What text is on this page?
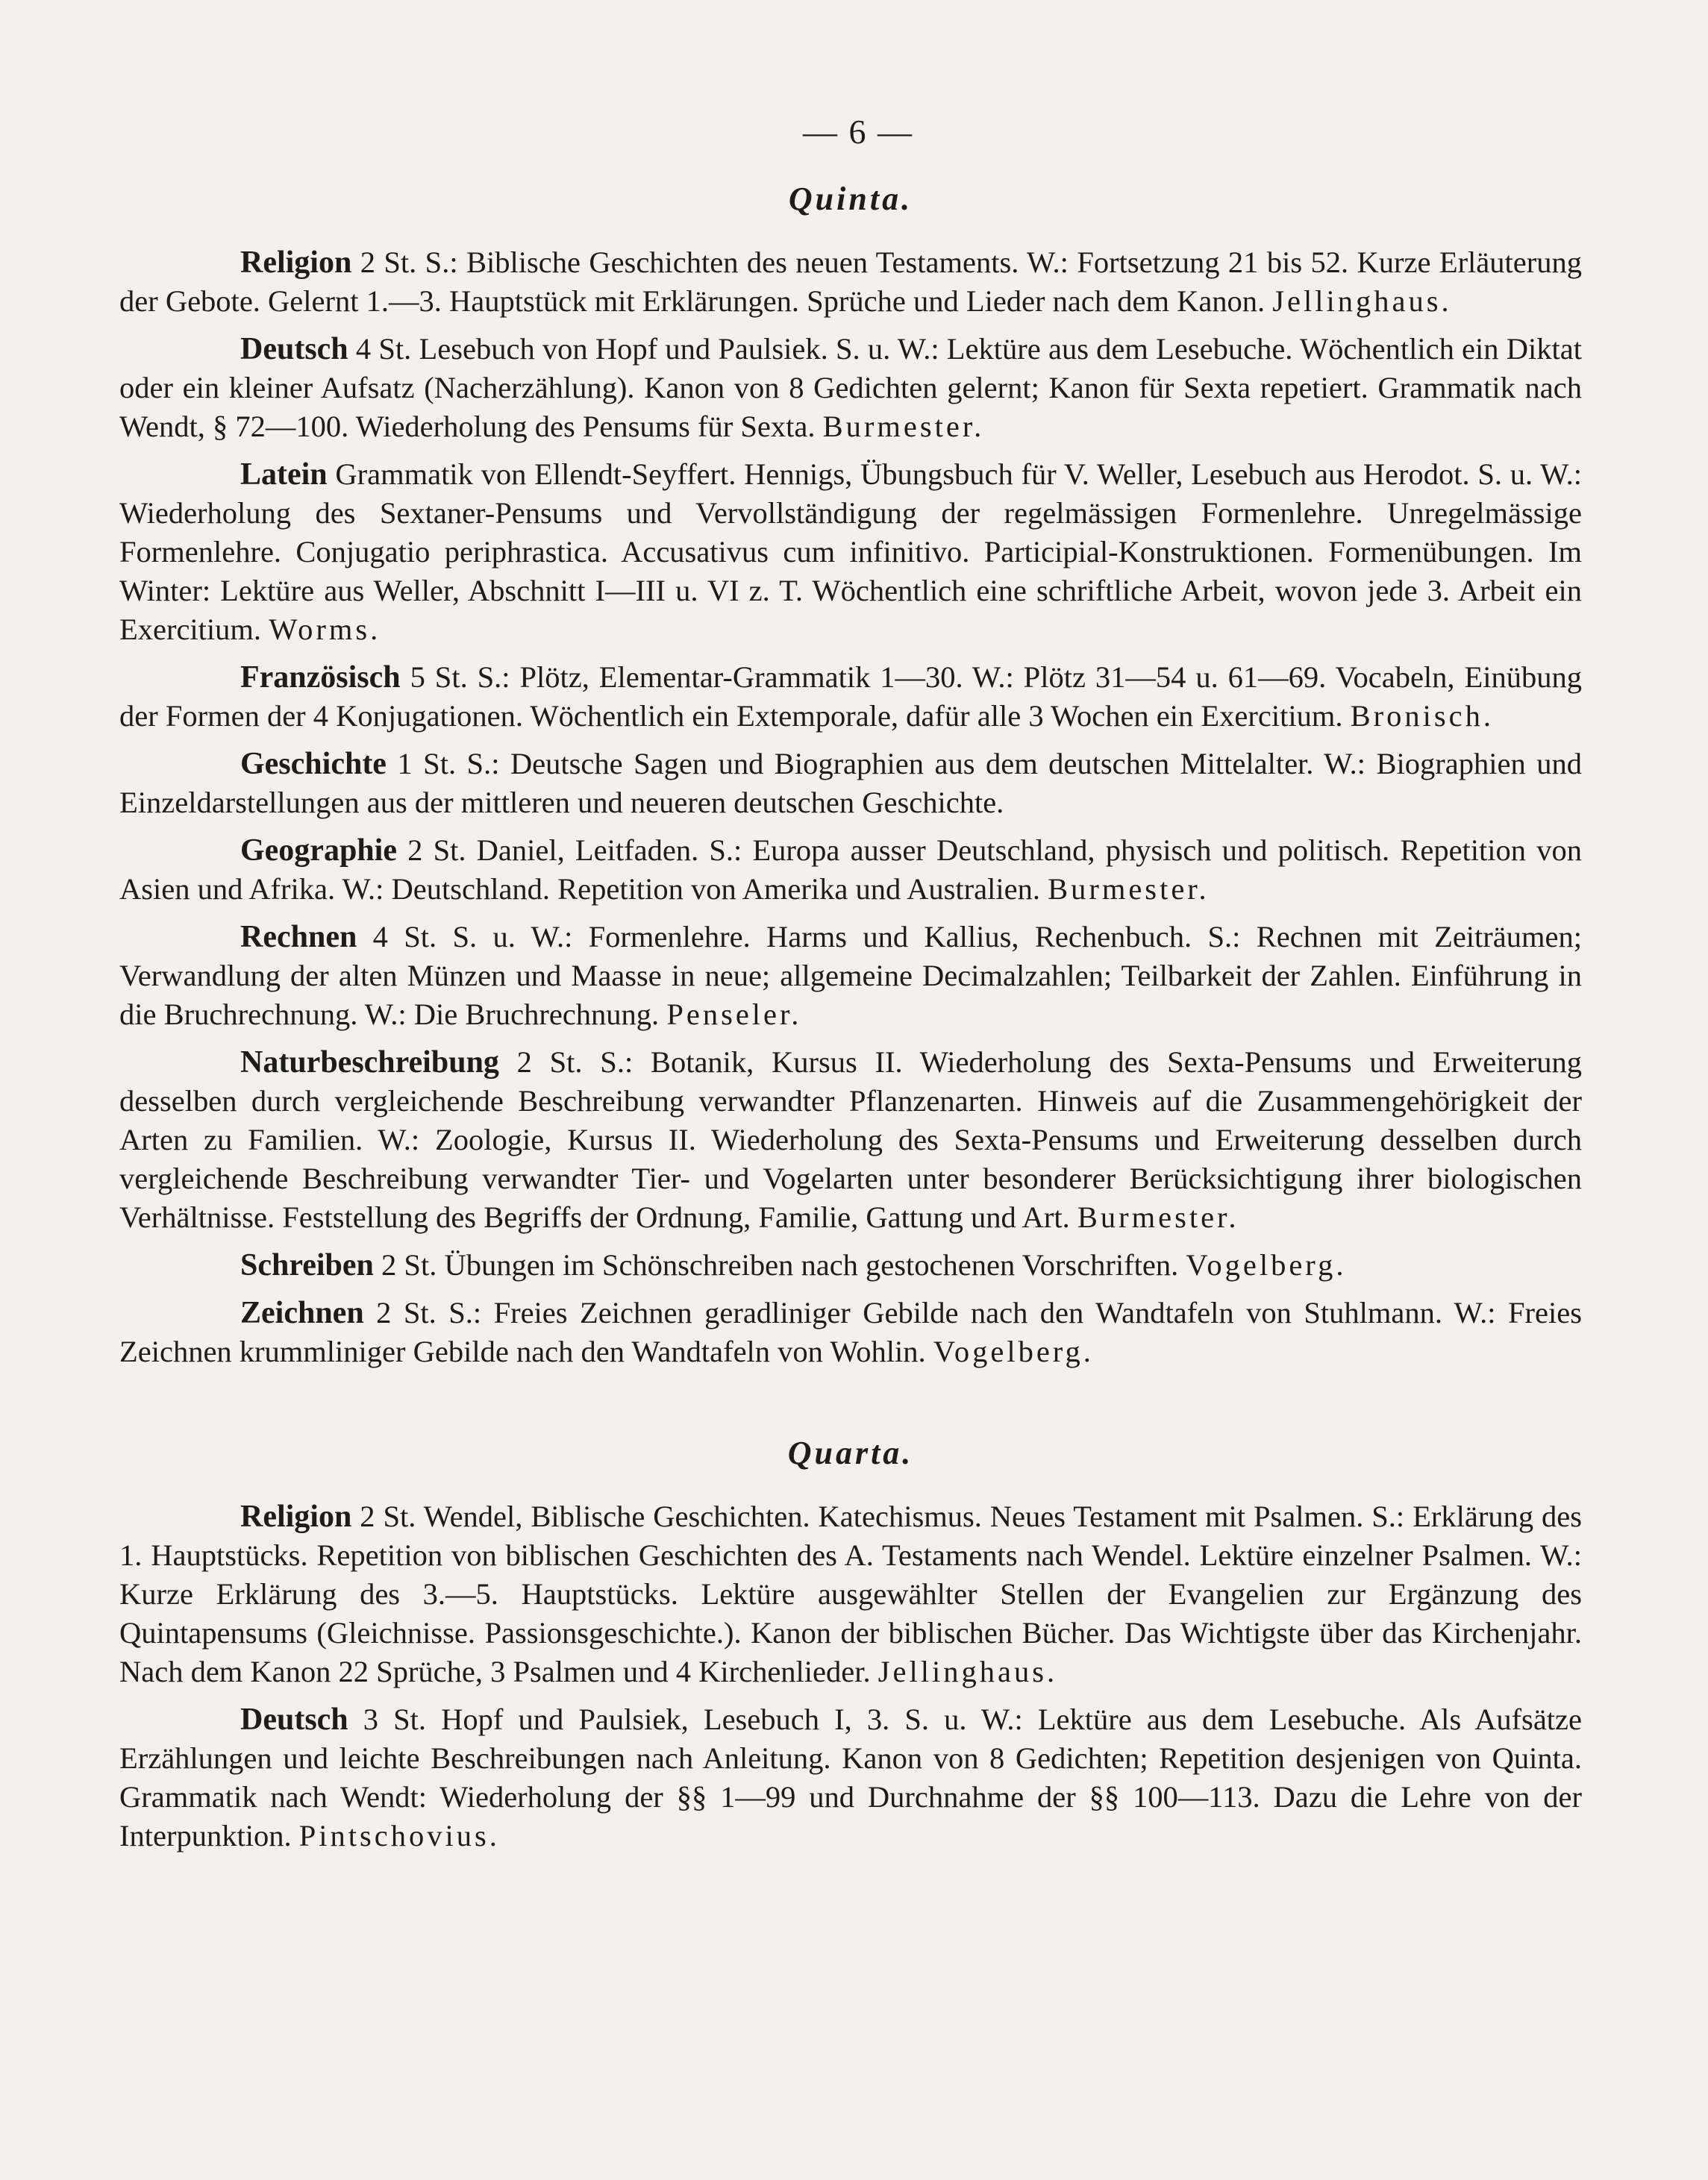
— 6 —
Quinta.

Religion 2 St. S.: Biblische Geschichten des neuen Testaments. W.: Fortsetzung 21 bis 52. Kurze Erläuterung der Gebote. Gelernt 1.—3. Hauptstück mit Erklärungen. Sprüche und Lieder nach dem Kanon. Jellinghaus.

Deutsch 4 St. Lesebuch von Hopf und Paulsiek. S. u. W.: Lektüre aus dem Lesebuche. Wöchentlich ein Diktat oder ein kleiner Aufsatz (Nacherzählung). Kanon von 8 Gedichten gelernt; Kanon für Sexta repetiert. Grammatik nach Wendt, § 72—100. Wiederholung des Pensums für Sexta. Burmester.

Latein Grammatik von Ellendt-Seyffert. Hennigs, Übungsbuch für V. Weller, Lesebuch aus Herodot. S. u. W.: Wiederholung des Sextaner-Pensums und Vervollständigung der regelmässigen Formenlehre. Unregelmässige Formenlehre. Conjugatio periphrastica. Accusativus cum infinitivo. Participial-Konstruktionen. Formenübungen. Im Winter: Lektüre aus Weller, Abschnitt I—III u. VI z. T. Wöchentlich eine schriftliche Arbeit, wovon jede 3. Arbeit ein Exercitium. Worms.

Französisch 5 St. S.: Plötz, Elementar-Grammatik 1—30. W.: Plötz 31—54 u. 61—69. Vocabeln, Einübung der Formen der 4 Konjugationen. Wöchentlich ein Extemporale, dafür alle 3 Wochen ein Exercitium. Bronisch.

Geschichte 1 St. S.: Deutsche Sagen und Biographien aus dem deutschen Mittelalter. W.: Biographien und Einzeldarstellungen aus der mittleren und neueren deutschen Geschichte.

Geographie 2 St. Daniel, Leitfaden. S.: Europa ausser Deutschland, physisch und politisch. Repetition von Asien und Afrika. W.: Deutschland. Repetition von Amerika und Australien. Burmester.

Rechnen 4 St. S. u. W.: Formenlehre. Harms und Kallius, Rechenbuch. S.: Rechnen mit Zeiträumen; Verwandlung der alten Münzen und Maasse in neue; allgemeine Decimalzahlen; Teilbarkeit der Zahlen. Einführung in die Bruchrechnung. W.: Die Bruchrechnung. Penseler.

Naturbeschreibung 2 St. S.: Botanik, Kursus II. Wiederholung des Sexta-Pensums und Erweiterung desselben durch vergleichende Beschreibung verwandter Pflanzenarten. Hinweis auf die Zusammengehörigkeit der Arten zu Familien. W.: Zoologie, Kursus II. Wiederholung des Sexta-Pensums und Erweiterung desselben durch vergleichende Beschreibung verwandter Tier- und Vogelarten unter besonderer Berücksichtigung ihrer biologischen Verhältnisse. Feststellung des Begriffs der Ordnung, Familie, Gattung und Art. Burmester.

Schreiben 2 St. Übungen im Schönschreiben nach gestochenen Vorschriften. Vogelberg.

Zeichnen 2 St. S.: Freies Zeichnen geradliniger Gebilde nach den Wandtafeln von Stuhlmann. W.: Freies Zeichnen krummliniger Gebilde nach den Wandtafeln von Wohlin. Vogelberg.

Quarta.

Religion 2 St. Wendel, Biblische Geschichten. Katechismus. Neues Testament mit Psalmen. S.: Erklärung des 1. Hauptstücks. Repetition von biblischen Geschichten des A. Testaments nach Wendel. Lektüre einzelner Psalmen. W.: Kurze Erklärung des 3.—5. Hauptstücks. Lektüre ausgewählter Stellen der Evangelien zur Ergänzung des Quintapensums (Gleichnisse. Passionsgeschichte.). Kanon der biblischen Bücher. Das Wichtigste über das Kirchenjahr. Nach dem Kanon 22 Sprüche, 3 Psalmen und 4 Kirchenlieder. Jellinghaus.

Deutsch 3 St. Hopf und Paulsiek, Lesebuch I, 3. S. u. W.: Lektüre aus dem Lesebuche. Als Aufsätze Erzählungen und leichte Beschreibungen nach Anleitung. Kanon von 8 Gedichten; Repetition desjenigen von Quinta. Grammatik nach Wendt: Wiederholung der §§ 1—99 und Durchnahme der §§ 100—113. Dazu die Lehre von der Interpunktion. Pintschovius.
